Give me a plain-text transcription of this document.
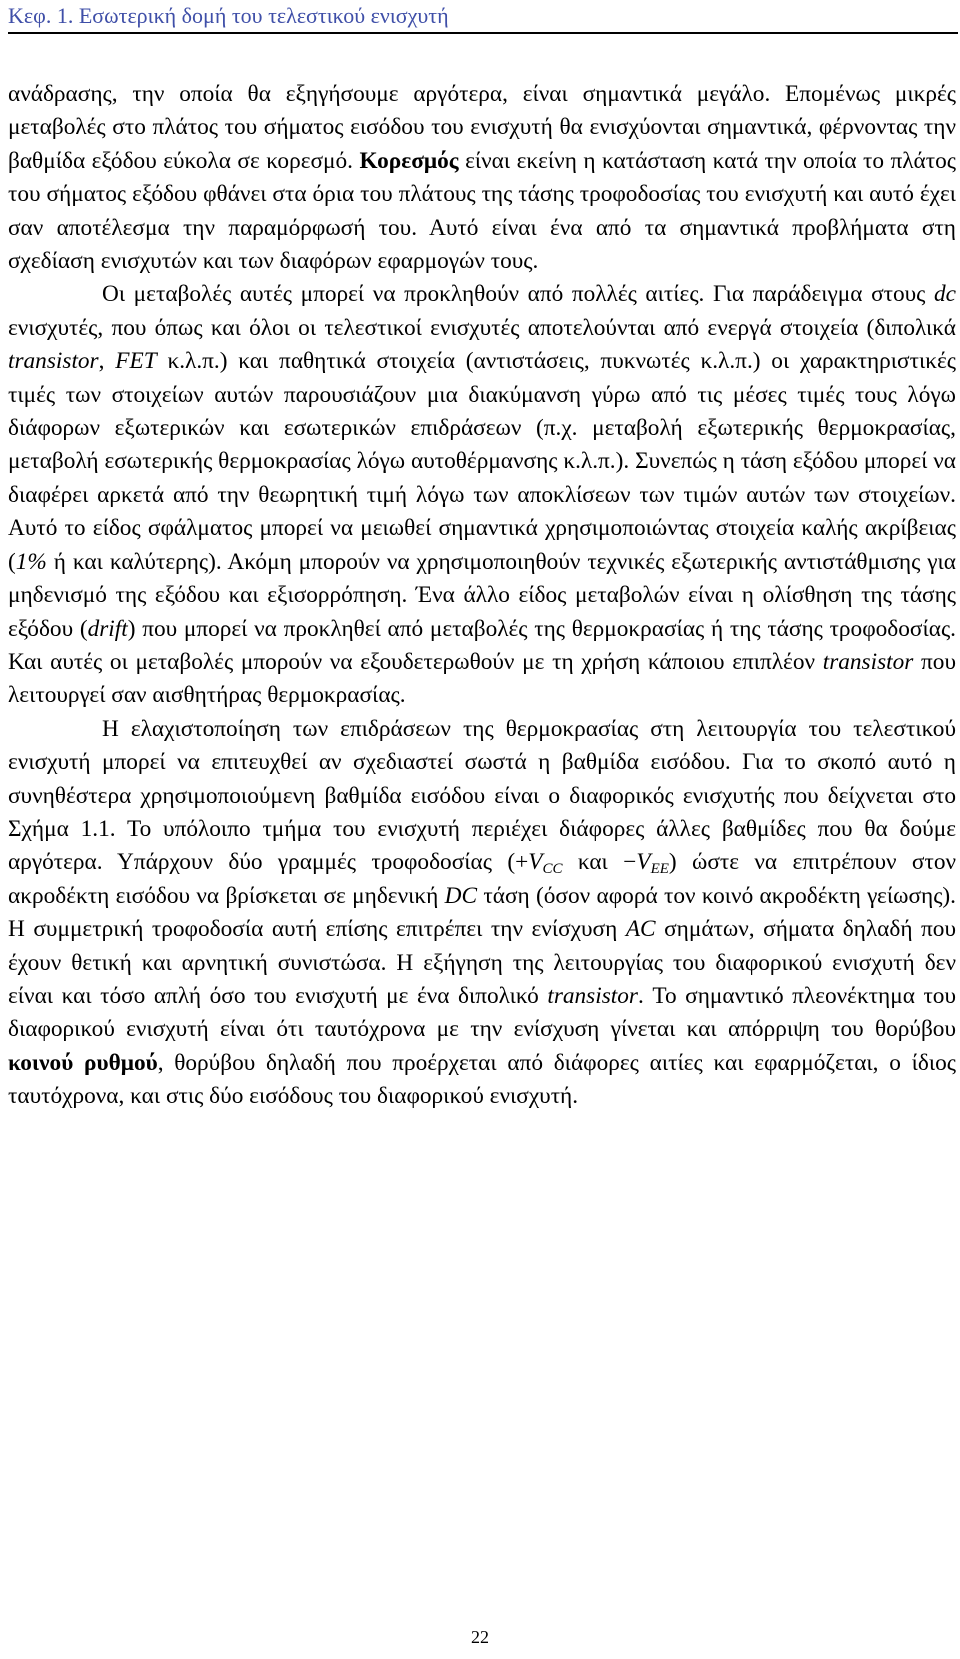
Κεφ. 1. Εσωτερική δομή του τελεστικού ενισχυτή

ανάδρασης, την οποία θα εξηγήσουμε αργότερα, είναι σημαντικά μεγάλο. Επομένως μικρές μεταβολές στο πλάτος του σήματος εισόδου του ενισχυτή θα ενισχύονται σημαντικά, φέρνοντας την βαθμίδα εξόδου εύκολα σε κορεσμό. Κορεσμός είναι εκείνη η κατάσταση κατά την οποία το πλάτος του σήματος εξόδου φθάνει στα όρια του πλάτους της τάσης τροφοδοσίας του ενισχυτή και αυτό έχει σαν αποτέλεσμα την παραμόρφωσή του. Αυτό είναι ένα από τα σημαντικά προβλήματα στη σχεδίαση ενισχυτών και των διαφόρων εφαρμογών τους.

Οι μεταβολές αυτές μπορεί να προκληθούν από πολλές αιτίες. Για παράδειγμα στους dc ενισχυτές, που όπως και όλοι οι τελεστικοί ενισχυτές αποτελούνται από ενεργά στοιχεία (διπολικά transistor, FET κ.λ.π.) και παθητικά στοιχεία (αντιστάσεις, πυκνωτές κ.λ.π.) οι χαρακτηριστικές τιμές των στοιχείων αυτών παρουσιάζουν μια διακύμανση γύρω από τις μέσες τιμές τους λόγω διάφορων εξωτερικών και εσωτερικών επιδράσεων (π.χ. μεταβολή εξωτερικής θερμοκρασίας, μεταβολή εσωτερικής θερμοκρασίας λόγω αυτοθέρμανσης κ.λ.π.). Συνεπώς η τάση εξόδου μπορεί να διαφέρει αρκετά από την θεωρητική τιμή λόγω των αποκλίσεων των τιμών αυτών των στοιχείων. Αυτό το είδος σφάλματος μπορεί να μειωθεί σημαντικά χρησιμοποιώντας στοιχεία καλής ακρίβειας (1% ή και καλύτερης). Ακόμη μπορούν να χρησιμοποιηθούν τεχνικές εξωτερικής αντιστάθμισης για μηδενισμό της εξόδου και εξισορρόπηση. Ένα άλλο είδος μεταβολών είναι η ολίσθηση της τάσης εξόδου (drift) που μπορεί να προκληθεί από μεταβολές της θερμοκρασίας ή της τάσης τροφοδοσίας. Και αυτές οι μεταβολές μπορούν να εξουδετερωθούν με τη χρήση κάποιου επιπλέον transistor που λειτουργεί σαν αισθητήρας θερμοκρασίας.

Η ελαχιστοποίηση των επιδράσεων της θερμοκρασίας στη λειτουργία του τελεστικού ενισχυτή μπορεί να επιτευχθεί αν σχεδιαστεί σωστά η βαθμίδα εισόδου. Για το σκοπό αυτό η συνηθέστερα χρησιμοποιούμενη βαθμίδα εισόδου είναι ο διαφορικός ενισχυτής που δείχνεται στο Σχήμα 1.1. Το υπόλοιπο τμήμα του ενισχυτή περιέχει διάφορες άλλες βαθμίδες που θα δούμε αργότερα. Υπάρχουν δύο γραμμές τροφοδοσίας ($+V_{CC}$ $\kappa\alpha\iota -V_{EE}$) ώστε να επιτρέπουν στον ακροδέκτη εισόδου να βρίσκεται σε μηδενική DC τάση (όσον αφορά τον κοινό ακροδέκτη γείωσης). Η συμμετρική τροφοδοσία αυτή επίσης επιτρέπει την ενίσχυση AC σημάτων, σήματα δηλαδή που έχουν θετική και αρνητική συνιστώσα. Η εξήγηση της λειτουργίας του διαφορικού ενισχυτή δεν είναι και τόσο απλή όσο του ενισχυτή με ένα διπολικό transistor. Το σημαντικό πλεονέκτημα του διαφορικού ενισχυτή είναι ότι ταυτόχρονα με την ενίσχυση γίνεται και απόρριψη του θορύβου κοινού ρυθμού, θορύβου δηλαδή που προέρχεται από διάφορες αιτίες και εφαρμόζεται, ο ίδιος ταυτόχρονα, και στις δύο εισόδους του διαφορικού ενισχυτή.

22
